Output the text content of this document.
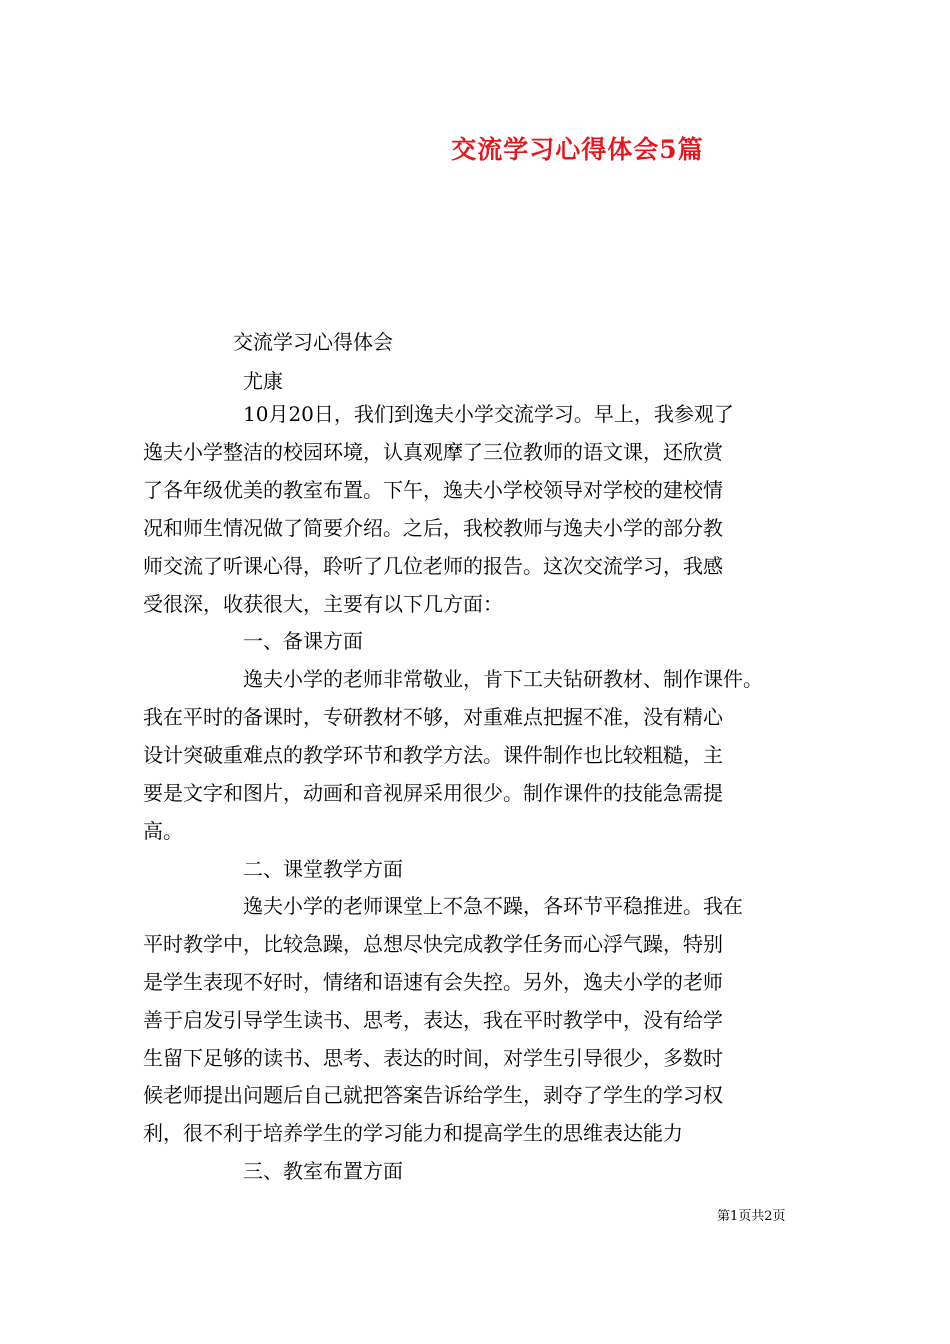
交流学习心得体会5篇
交流学习心得体会
尤康
10月20日，我们到逸夫小学交流学习。早上，我参观了
逸夫小学整洁的校园环境，认真观摩了三位教师的语文课，还欣赏
了各年级优美的教室布置。下午，逸夫小学校领导对学校的建校情
况和师生情况做了简要介绍。之后，我校教师与逸夫小学的部分教
师交流了听课心得，聆听了几位老师的报告。这次交流学习，我感
受很深，收获很大，主要有以下几方面：
一、备课方面
逸夫小学的老师非常敬业，肯下工夫钻研教材、制作课件。
我在平时的备课时，专研教材不够，对重难点把握不准，没有精心
设计突破重难点的教学环节和教学方法。课件制作也比较粗糙，主
要是文字和图片，动画和音视屏采用很少。制作课件的技能急需提
高。
二、课堂教学方面
逸夫小学的老师课堂上不急不躁，各环节平稳推进。我在
平时教学中，比较急躁，总想尽快完成教学任务而心浮气躁，特别
是学生表现不好时，情绪和语速有会失控。另外，逸夫小学的老师
善于启发引导学生读书、思考，表达，我在平时教学中，没有给学
生留下足够的读书、思考、表达的时间，对学生引导很少，多数时
候老师提出问题后自己就把答案告诉给学生，剥夺了学生的学习权
利，很不利于培养学生的学习能力和提高学生的思维表达能力
三、教室布置方面
第1页共2页
